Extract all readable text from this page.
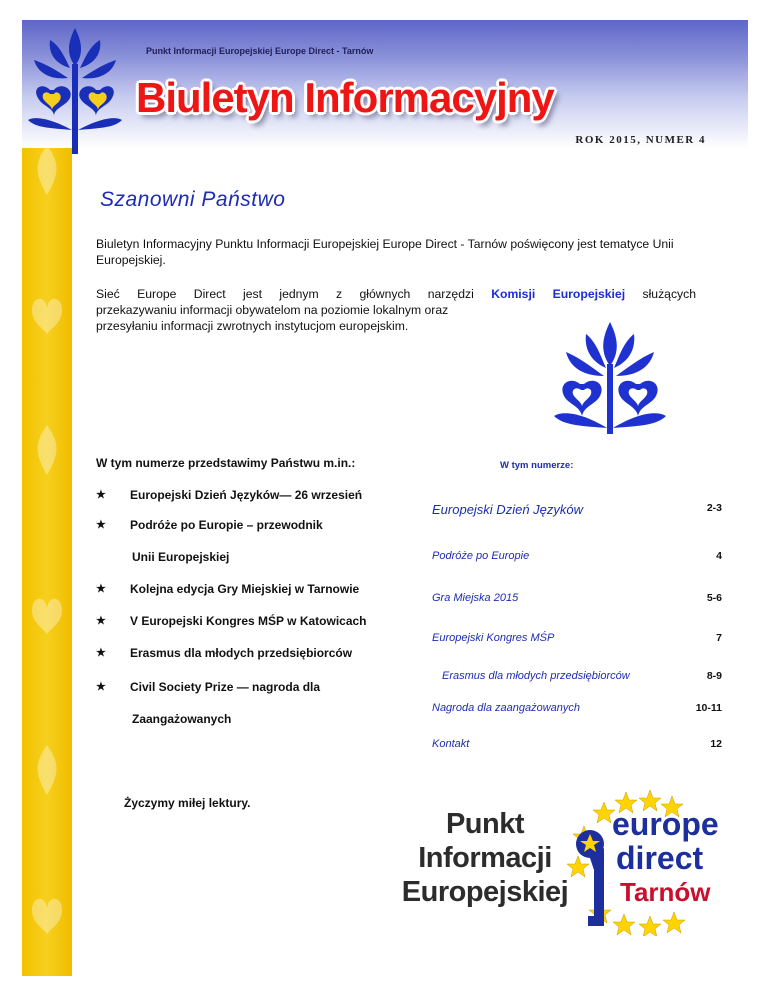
Punkt Informacji Europejskiej Europe Direct - Tarnów
Biuletyn Informacyjny
ROK 2015, NUMER 4
Szanowni Państwo
Biuletyn Informacyjny Punktu Informacji Europejskiej Europe Direct - Tarnów poświęcony jest tematyce Unii Europejskiej.
Sieć Europe Direct jest jednym z głównych narzędzi Komisji Europejskiej służących
przekazywaniu informacji obywatelom na poziomie lokalnym oraz
przesyłaniu informacji zwrotnych instytucjom europejskim.
W tym numerze przedstawimy Państwu m.in.:
★ Europejski Dzień Języków— 26 wrzesień
★ Podróże po Europie – przewodnik
Unii Europejskiej
★ Kolejna edycja Gry Miejskiej w Tarnowie
★ V Europejski Kongres MŚP w Katowicach
★ Erasmus dla młodych przedsiębiorców
★ Civil Society Prize — nagroda dla
Zaangażowanych
W tym numerze:
Europejski Dzień Języków	2-3
Podróże po Europie	4
Gra Miejska 2015	5-6
Europejski Kongres MŚP	7
Erasmus dla młodych przedsiębiorców	8-9
Nagroda dla zaangażowanych	10-11
Kontakt	12
Życzymy miłej lektury.
Punkt
Informacji
Europejskiej
europe
direct
Tarnów
